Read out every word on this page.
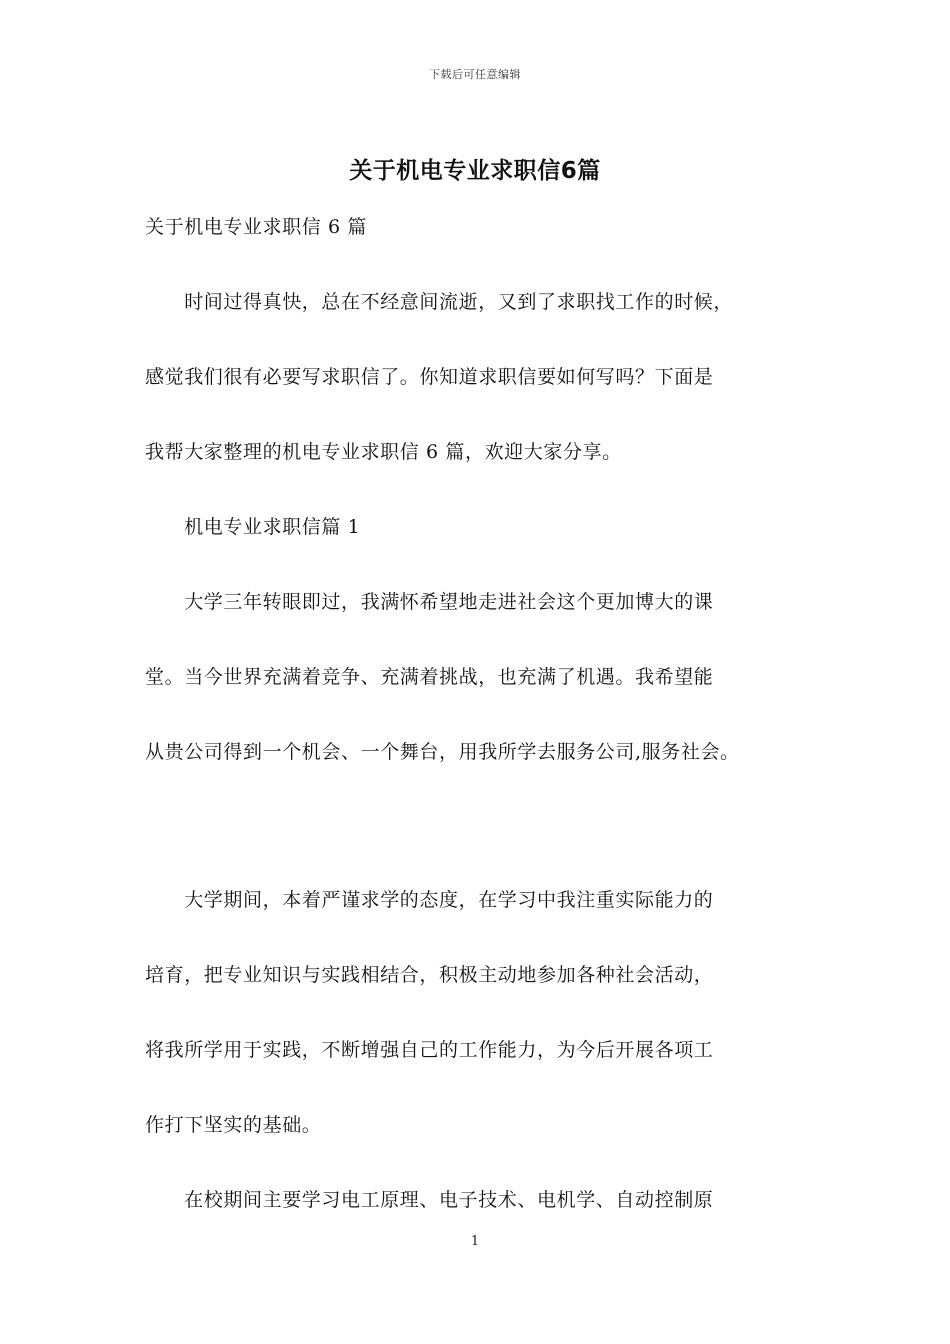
下载后可任意编辑
关于机电专业求职信6篇
关于机电专业求职信 6 篇
　　时间过得真快，总在不经意间流逝，又到了求职找工作的时候，
感觉我们很有必要写求职信了。你知道求职信要如何写吗？下面是
我帮大家整理的机电专业求职信 6 篇，欢迎大家分享。
　　机电专业求职信篇 1
　　大学三年转眼即过，我满怀希望地走进社会这个更加博大的课
堂。当今世界充满着竞争、充满着挑战，也充满了机遇。我希望能
从贵公司得到一个机会、一个舞台，用我所学去服务公司,服务社会。
　　大学期间，本着严谨求学的态度，在学习中我注重实际能力的
培育，把专业知识与实践相结合，积极主动地参加各种社会活动，
将我所学用于实践，不断增强自己的工作能力，为今后开展各项工
作打下坚实的基础。
　　在校期间主要学习电工原理、电子技术、电机学、自动控制原
1
